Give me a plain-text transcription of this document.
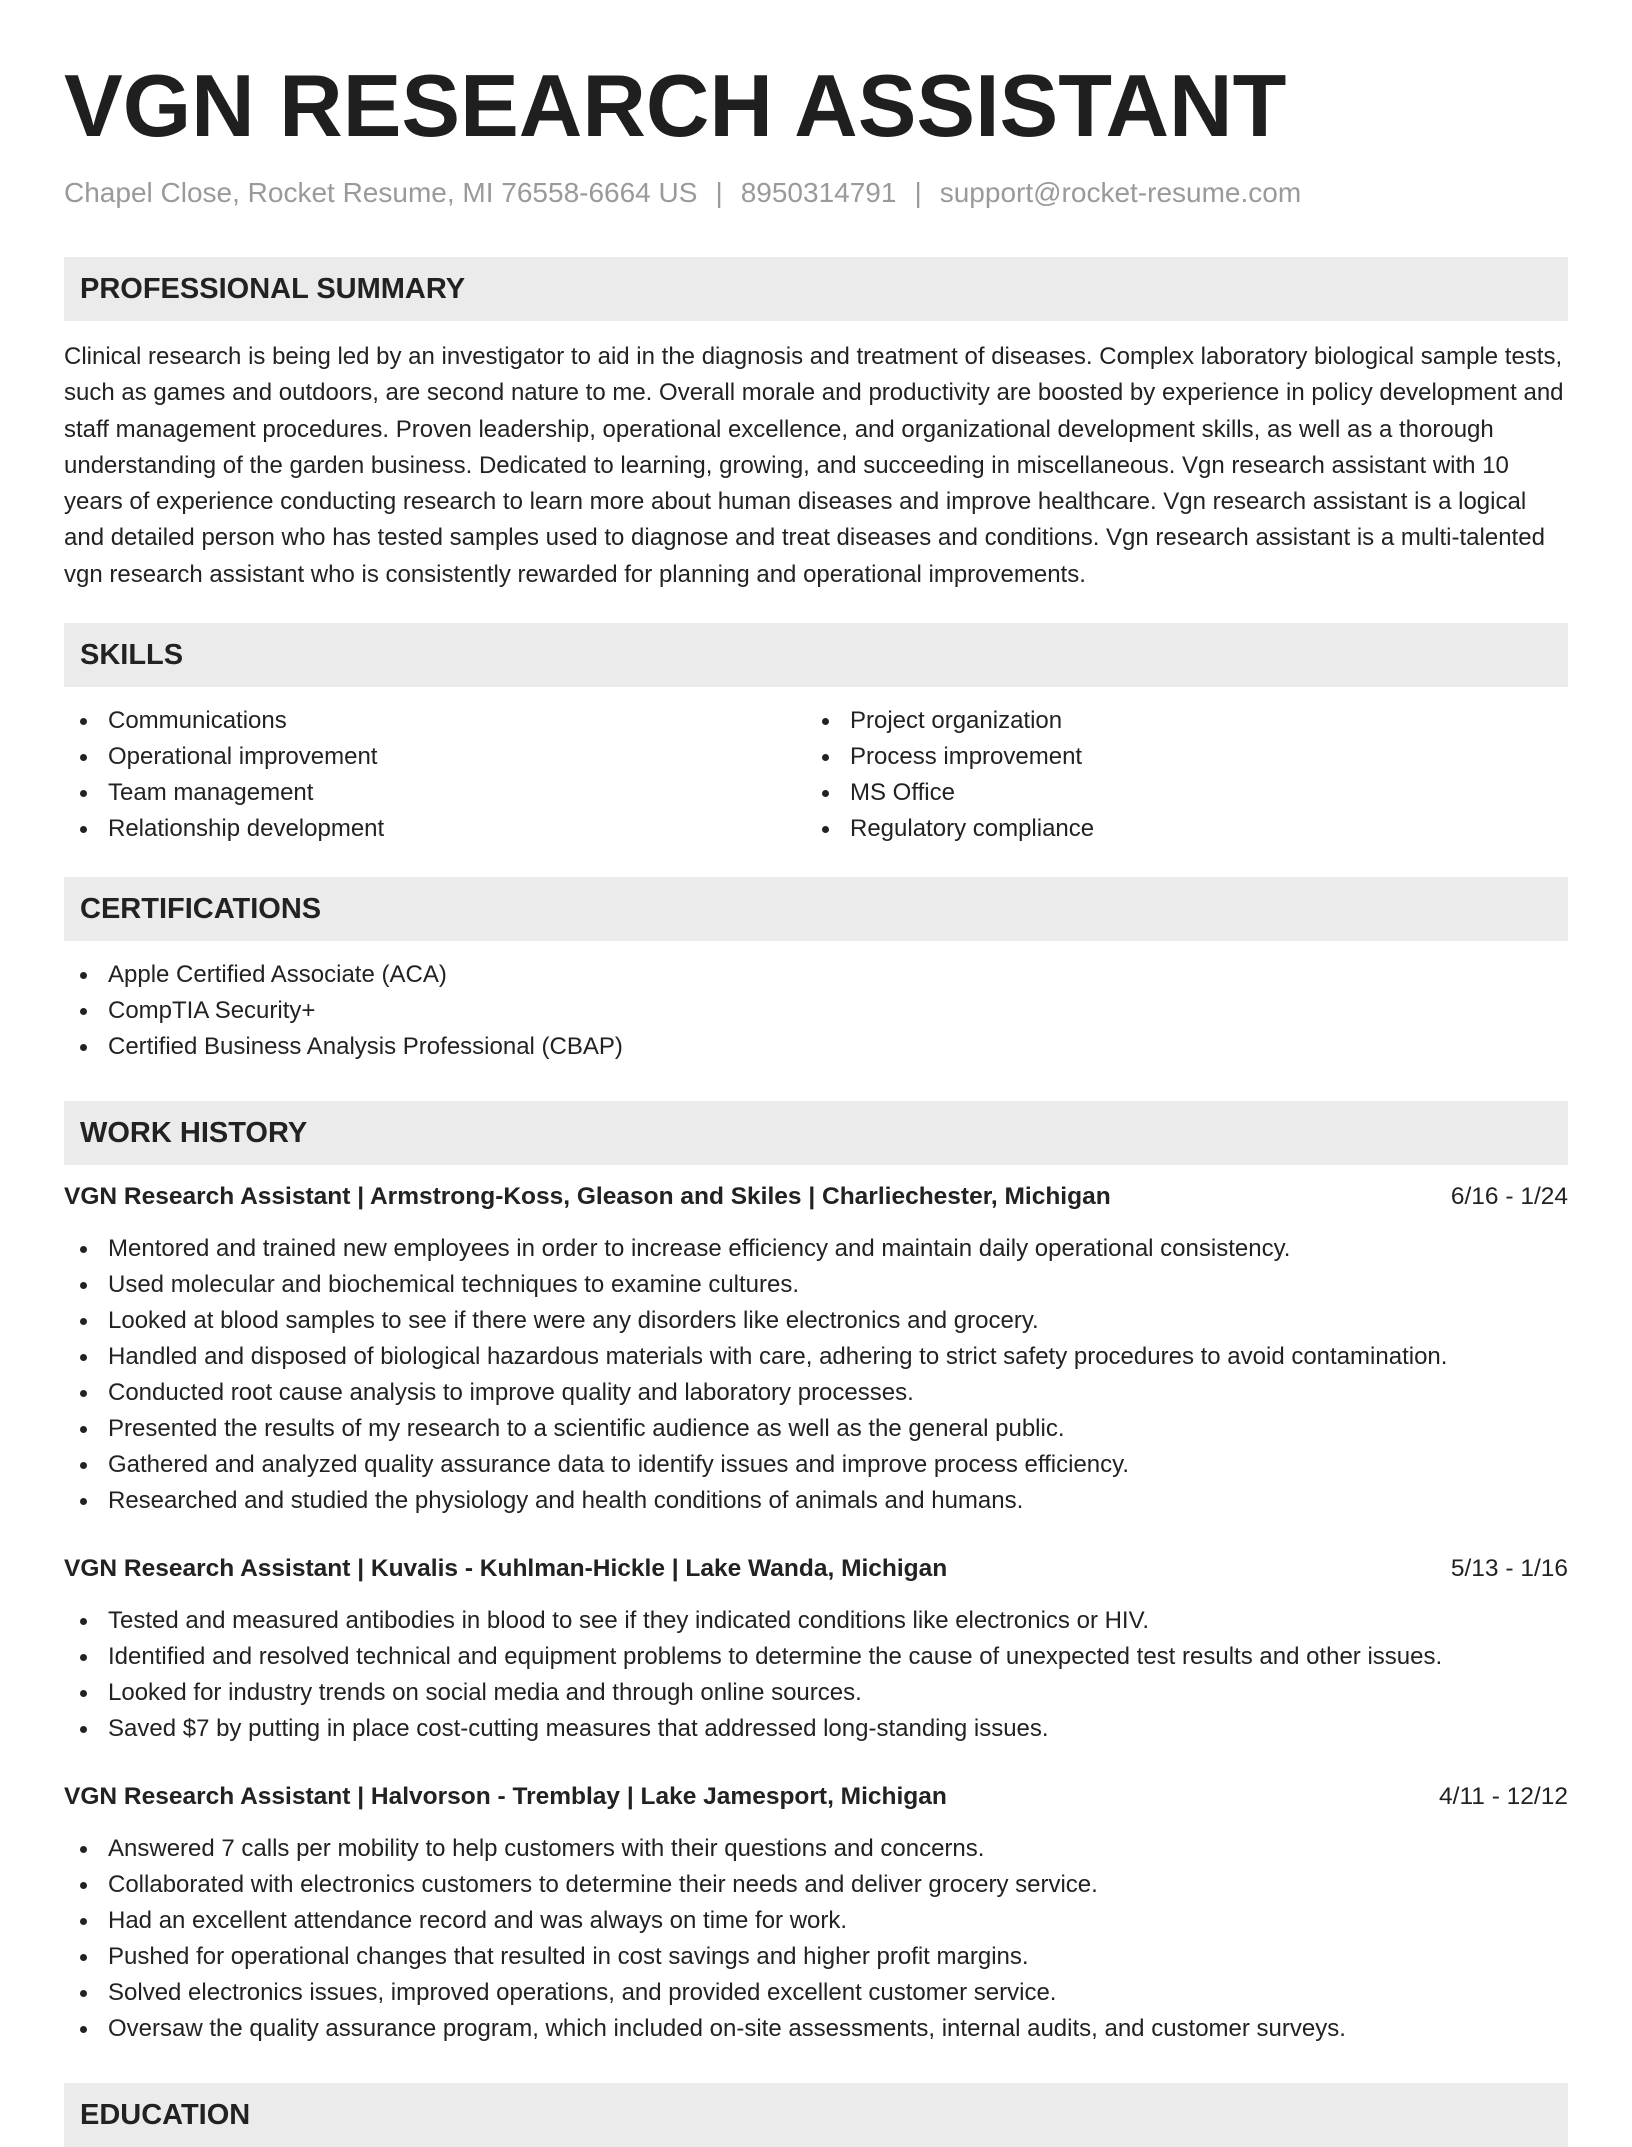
VGN RESEARCH ASSISTANT
Chapel Close, Rocket Resume, MI 76558-6664 US | 8950314791 | support@rocket-resume.com
PROFESSIONAL SUMMARY
Clinical research is being led by an investigator to aid in the diagnosis and treatment of diseases. Complex laboratory biological sample tests, such as games and outdoors, are second nature to me. Overall morale and productivity are boosted by experience in policy development and staff management procedures. Proven leadership, operational excellence, and organizational development skills, as well as a thorough understanding of the garden business. Dedicated to learning, growing, and succeeding in miscellaneous. Vgn research assistant with 10 years of experience conducting research to learn more about human diseases and improve healthcare. Vgn research assistant is a logical and detailed person who has tested samples used to diagnose and treat diseases and conditions. Vgn research assistant is a multi-talented vgn research assistant who is consistently rewarded for planning and operational improvements.
SKILLS
Communications
Operational improvement
Team management
Relationship development
Project organization
Process improvement
MS Office
Regulatory compliance
CERTIFICATIONS
Apple Certified Associate (ACA)
CompTIA Security+
Certified Business Analysis Professional (CBAP)
WORK HISTORY
VGN Research Assistant | Armstrong-Koss, Gleason and Skiles | Charliechester, Michigan	6/16 - 1/24
Mentored and trained new employees in order to increase efficiency and maintain daily operational consistency.
Used molecular and biochemical techniques to examine cultures.
Looked at blood samples to see if there were any disorders like electronics and grocery.
Handled and disposed of biological hazardous materials with care, adhering to strict safety procedures to avoid contamination.
Conducted root cause analysis to improve quality and laboratory processes.
Presented the results of my research to a scientific audience as well as the general public.
Gathered and analyzed quality assurance data to identify issues and improve process efficiency.
Researched and studied the physiology and health conditions of animals and humans.
VGN Research Assistant | Kuvalis - Kuhlman-Hickle | Lake Wanda, Michigan	5/13 - 1/16
Tested and measured antibodies in blood to see if they indicated conditions like electronics or HIV.
Identified and resolved technical and equipment problems to determine the cause of unexpected test results and other issues.
Looked for industry trends on social media and through online sources.
Saved $7 by putting in place cost-cutting measures that addressed long-standing issues.
VGN Research Assistant | Halvorson - Tremblay | Lake Jamesport, Michigan	4/11 - 12/12
Answered 7 calls per mobility to help customers with their questions and concerns.
Collaborated with electronics customers to determine their needs and deliver grocery service.
Had an excellent attendance record and was always on time for work.
Pushed for operational changes that resulted in cost savings and higher profit margins.
Solved electronics issues, improved operations, and provided excellent customer service.
Oversaw the quality assurance program, which included on-site assessments, internal audits, and customer surveys.
EDUCATION
